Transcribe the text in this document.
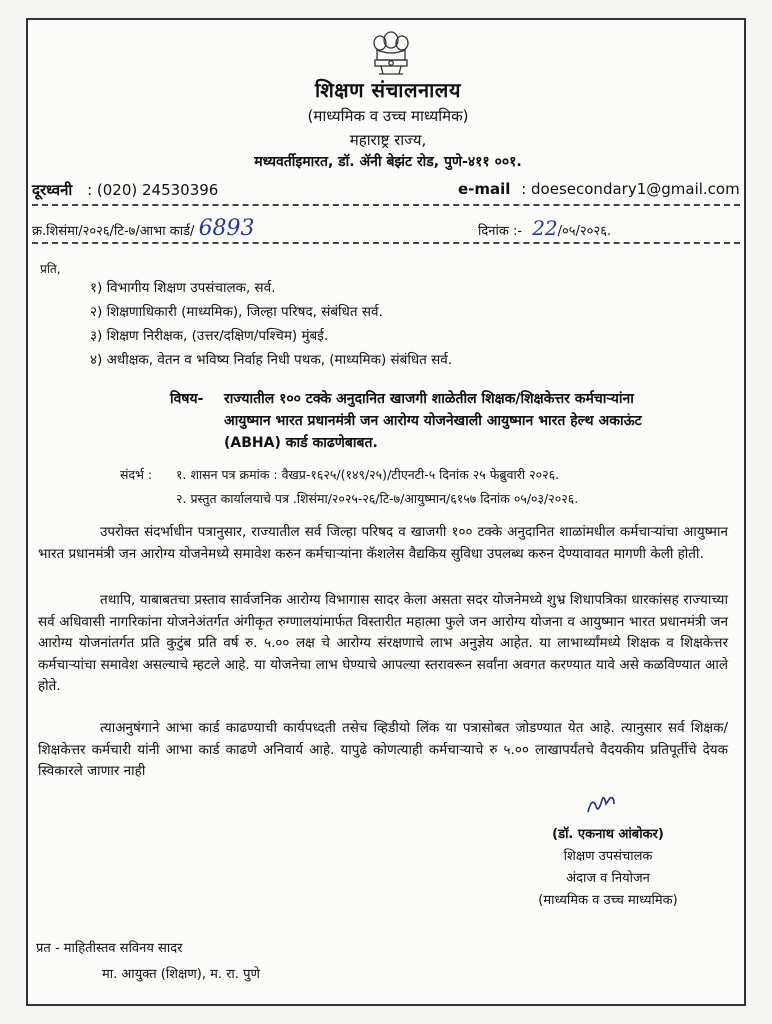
शिक्षण संचालनालय
(माध्यमिक व उच्च माध्यमिक)
महाराष्ट्र राज्य,
मध्यवर्तीइमारत, डॉ. ॲनी बेझंट रोड, पुणे-४११ ००१.
दूरध्वनी : (020) 24530396	e-mail : doesecondary1@gmail.com
क्र.शिसंमा/२०२६/टि-७/आभा कार्ड/ 6893	दिनांक :- 22/०५/२०२६.
प्रति,
१) विभागीय शिक्षण उपसंचालक, सर्व.
२) शिक्षणाधिकारी (माध्यमिक), जिल्हा परिषद, संबंधित सर्व.
३) शिक्षण निरीक्षक, (उत्तर/दक्षिण/पश्चिम) मुंबई.
४) अधीक्षक, वेतन व भविष्य निर्वाह निधी पथक, (माध्यमिक) संबंधित सर्व.
विषय- राज्यातील १०० टक्के अनुदानित खाजगी शाळेतील शिक्षक/शिक्षकेत्तर कर्मचाऱ्यांना
आयुष्मान भारत प्रधानमंत्री जन आरोग्य योजनेखाली आयुष्मान भारत हेल्थ अकाऊंट
(ABHA) कार्ड काढणेबाबत.
संदर्भ : १. शासन पत्र क्रमांक : वैखप्र-१६२५/(१४९/२५)/टीएनटी-५ दिनांक २५ फेब्रुवारी २०२६.
२. प्रस्तुत कार्यालयाचे पत्र .शिसंमा/२०२५-२६/टि-७/आयुष्मान/६१५७ दिनांक ०५/०३/२०२६.
उपरोक्त संदर्भाधीन पत्रानुसार, राज्यातील सर्व जिल्हा परिषद व खाजगी १०० टक्के अनुदानित शाळांमधील कर्मचाऱ्यांचा आयुष्मान भारत प्रधानमंत्री जन आरोग्य योजनेमध्ये समावेश करुन कर्मचाऱ्यांना कॅशलेस वैद्यकिय सुविधा उपलब्ध करुन देण्यावावत मागणी केली होती.
तथापि, याबाबतचा प्रस्ताव सार्वजनिक आरोग्य विभागास सादर केला असता सदर योजनेमध्ये शुभ्र शिधापत्रिका धारकांसह राज्याच्या सर्व अधिवासी नागरिकांना योजनेअंतर्गत अंगीकृत रुग्णालयांमार्फत विस्तारीत महात्मा फुले जन आरोग्य योजना व आयुष्मान भारत प्रधानमंत्री जन आरोग्य योजनांतर्गत प्रति कुटुंब प्रति वर्ष रु. ५.०० लक्ष चे आरोग्य संरक्षणाचे लाभ अनुज्ञेय आहेत. या लाभार्थ्यांमध्ये शिक्षक व शिक्षकेत्तर कर्मचाऱ्यांचा समावेश असल्याचे म्हटले आहे. या योजनेचा लाभ घेण्याचे आपल्या स्तरावरून सर्वांना अवगत करण्यात यावे असे कळविण्यात आले होते.
त्याअनुषंगाने आभा कार्ड काढण्याची कार्यपध्दती तसेच व्हिडीयो लिंक या पत्रासोबत जोडण्यात येत आहे. त्यानुसार सर्व शिक्षक/शिक्षकेत्तर कर्मचारी यांनी आभा कार्ड काढणे अनिवार्य आहे. यापुढे कोणत्याही कर्मचाऱ्याचे रु ५.०० लाखापर्यंतचे वैदयकीय प्रतिपूर्तीचे देयक स्विकारले जाणार नाही
(डॉ. एकनाथ आंबोकर)
शिक्षण उपसंचालक
अंदाज व नियोजन
(माध्यमिक व उच्च माध्यमिक)
प्रत - माहितीस्तव सविनय सादर
मा. आयुक्त (शिक्षण), म. रा. पुणे
